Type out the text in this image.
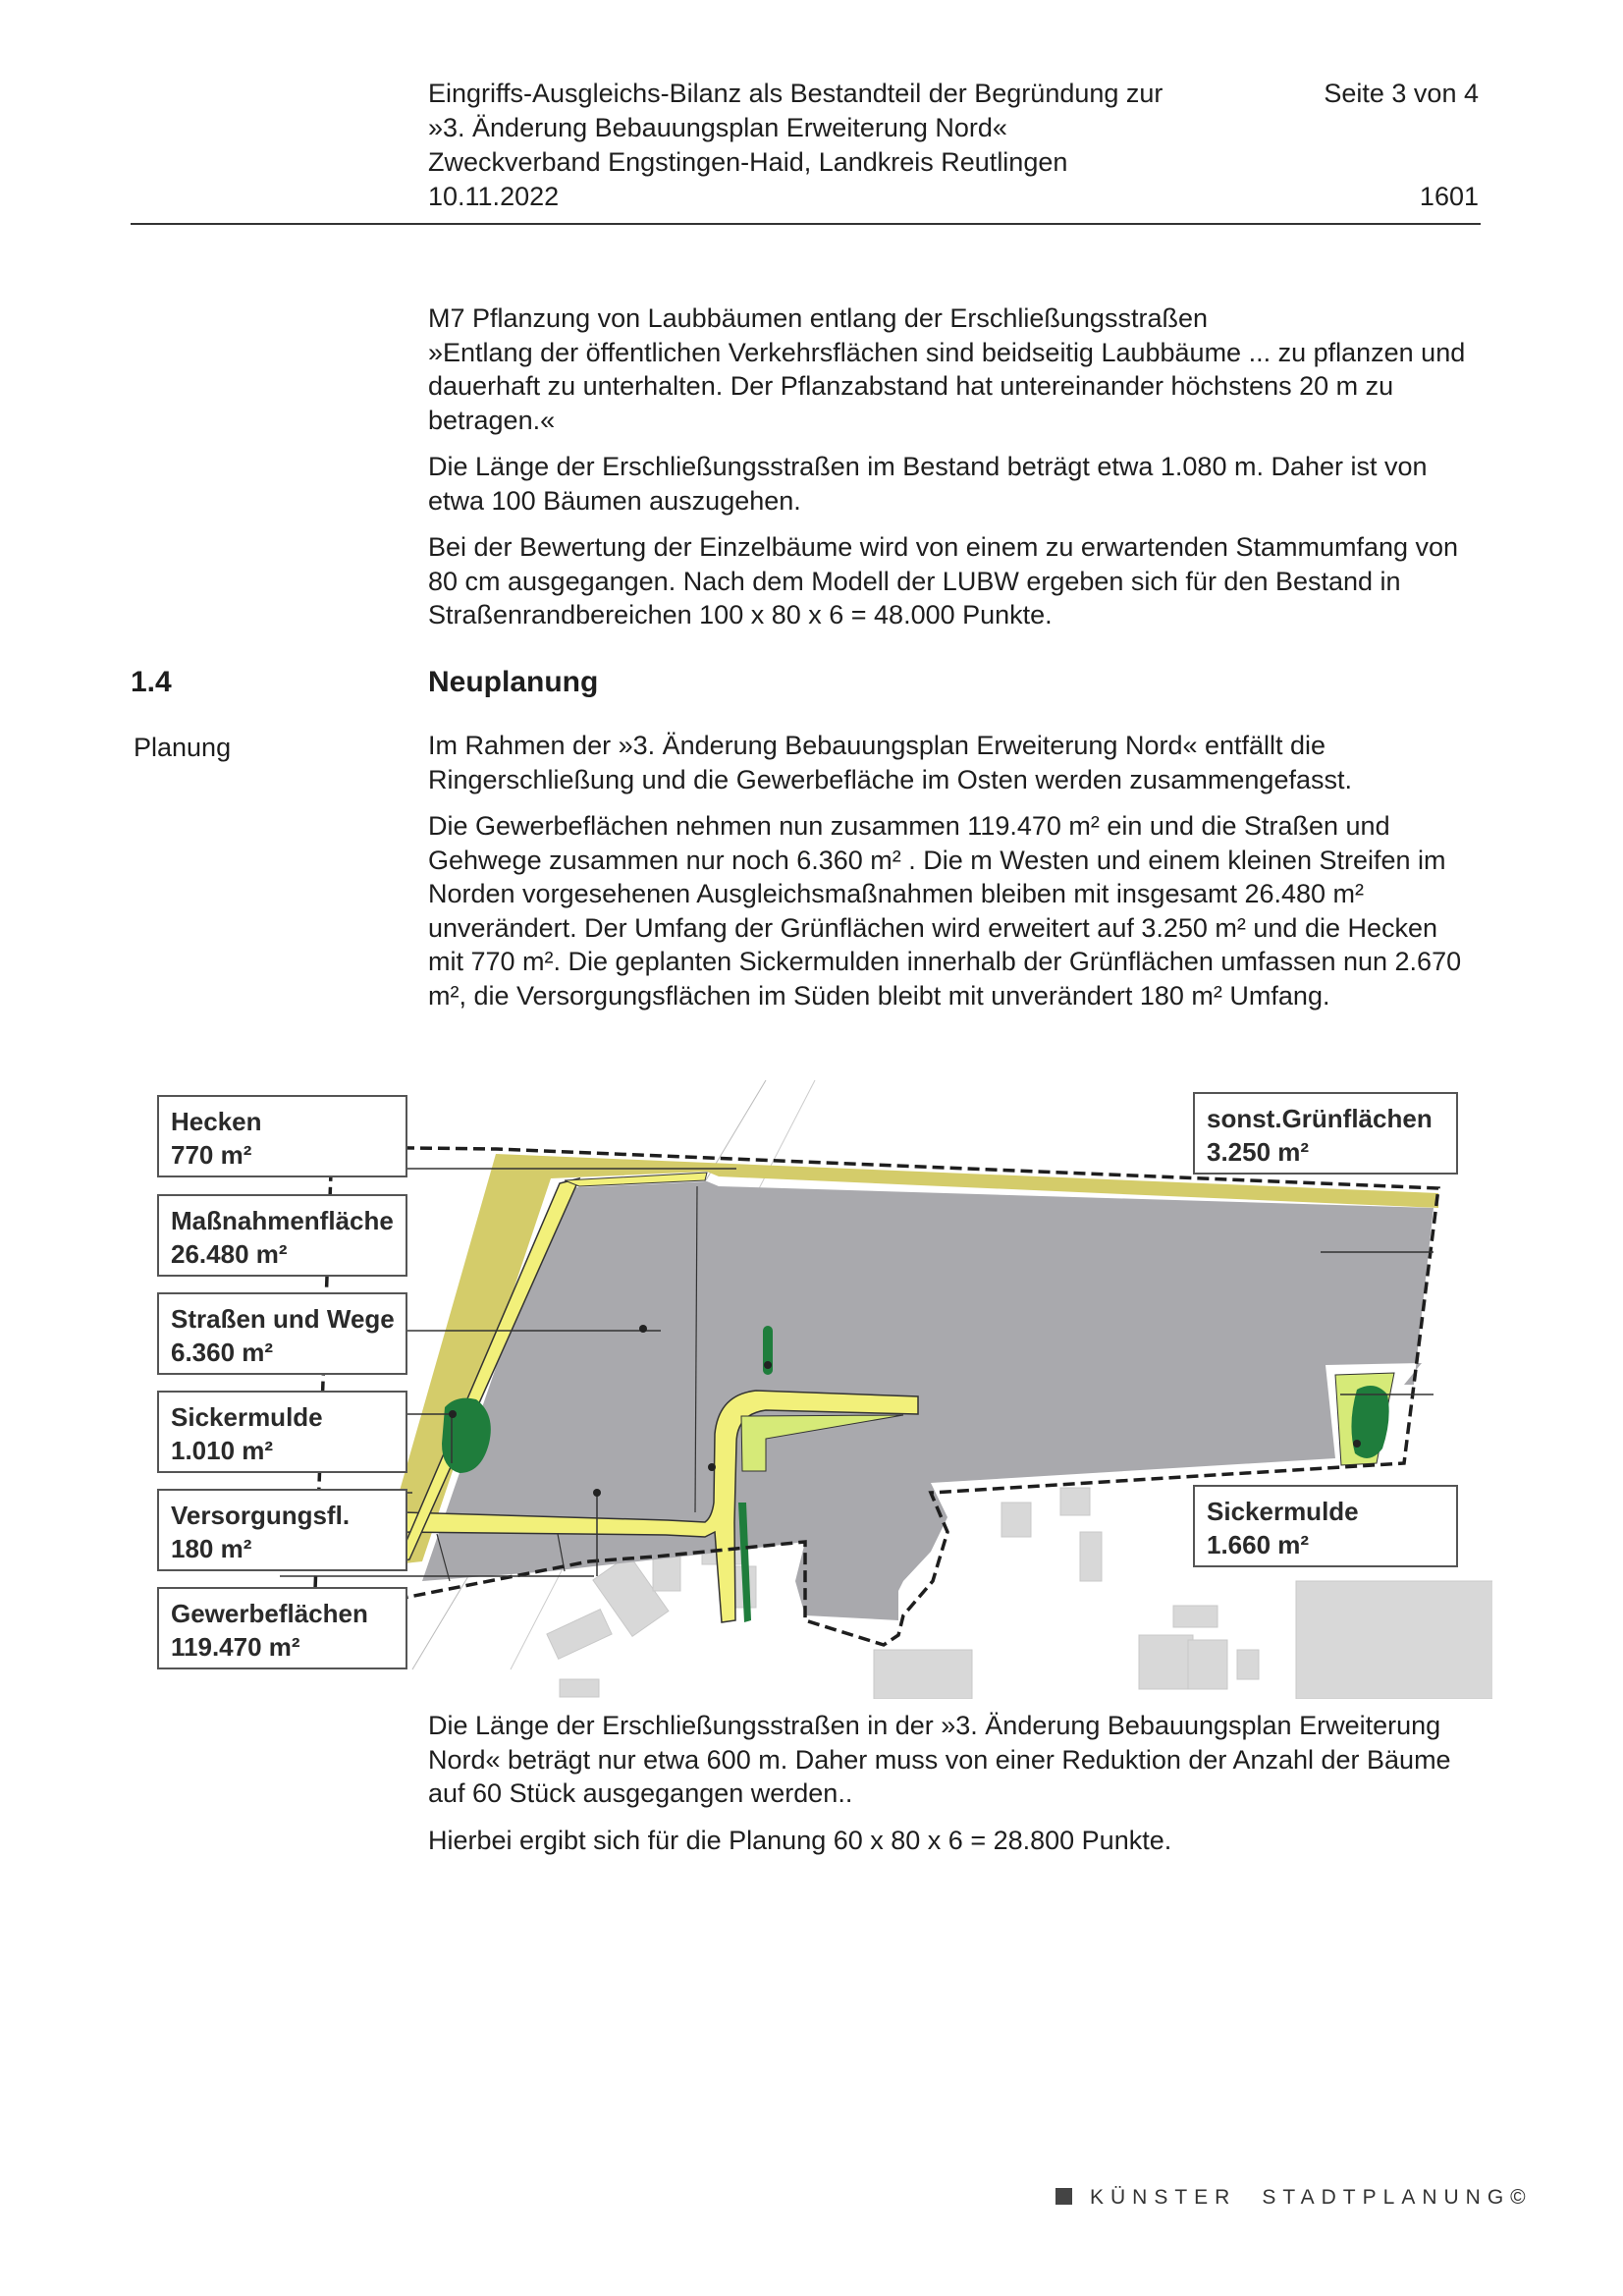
Eingriffs-Ausgleichs-Bilanz als Bestandteil der Begründung zur
»3. Änderung Bebauungsplan Erweiterung Nord«
Zweckverband Engstingen-Haid, Landkreis Reutlingen
10.11.2022
Seite 3 von 4
1601

M7 Pflanzung von Laubbäumen entlang der Erschließungsstraßen
»Entlang der öffentlichen Verkehrsflächen sind beidseitig Laubbäume ... zu pflanzen und dauerhaft zu unterhalten. Der Pflanzabstand hat untereinander höchstens 20 m zu betragen.«

Die Länge der Erschließungsstraßen im Bestand beträgt etwa 1.080 m. Daher ist von etwa 100 Bäumen auszugehen.

Bei der Bewertung der Einzelbäume wird von einem zu erwartenden Stammumfang von 80 cm ausgegangen. Nach dem Modell der LUBW ergeben sich für den Bestand in Straßenrandbereichen 100 x 80 x 6 = 48.000 Punkte.

1.4	Neuplanung
Planung	Im Rahmen der »3. Änderung Bebauungsplan Erweiterung Nord« entfällt die Ringerschließung und die Gewerbefläche im Osten werden zusammengefasst.

Die Gewerbeflächen nehmen nun zusammen 119.470 m² ein und die Straßen und Gehwege zusammen nur noch 6.360 m² . Die m Westen und einem kleinen Streifen im Norden vorgesehenen Ausgleichsmaßnahmen bleiben mit insgesamt 26.480 m² unverändert. Der Umfang der Grünflächen wird erweitert auf 3.250 m² und die Hecken mit 770 m². Die geplanten Sickermulden innerhalb der Grünflächen umfassen nun 2.670 m², die Versorgungsflächen im Süden bleibt mit unverändert 180 m² Umfang.

Hecken
770 m²
Maßnahmenfläche
26.480 m²
Straßen und Wege
6.360 m²
Sickermulde
1.010 m²
Versorgungsfl.
180 m²
Gewerbeflächen
119.470 m²
sonst.Grünflächen
3.250 m²
Sickermulde
1.660 m²

Die Länge der Erschließungsstraßen in der »3. Änderung Bebauungsplan Erweiterung Nord« beträgt nur etwa 600 m. Daher muss von einer Reduktion der Anzahl der Bäume auf 60 Stück ausgegangen werden..

Hierbei ergibt sich für die Planung 60 x 80 x 6 = 28.800 Punkte.

KÜNSTER STADTPLANUNG©
